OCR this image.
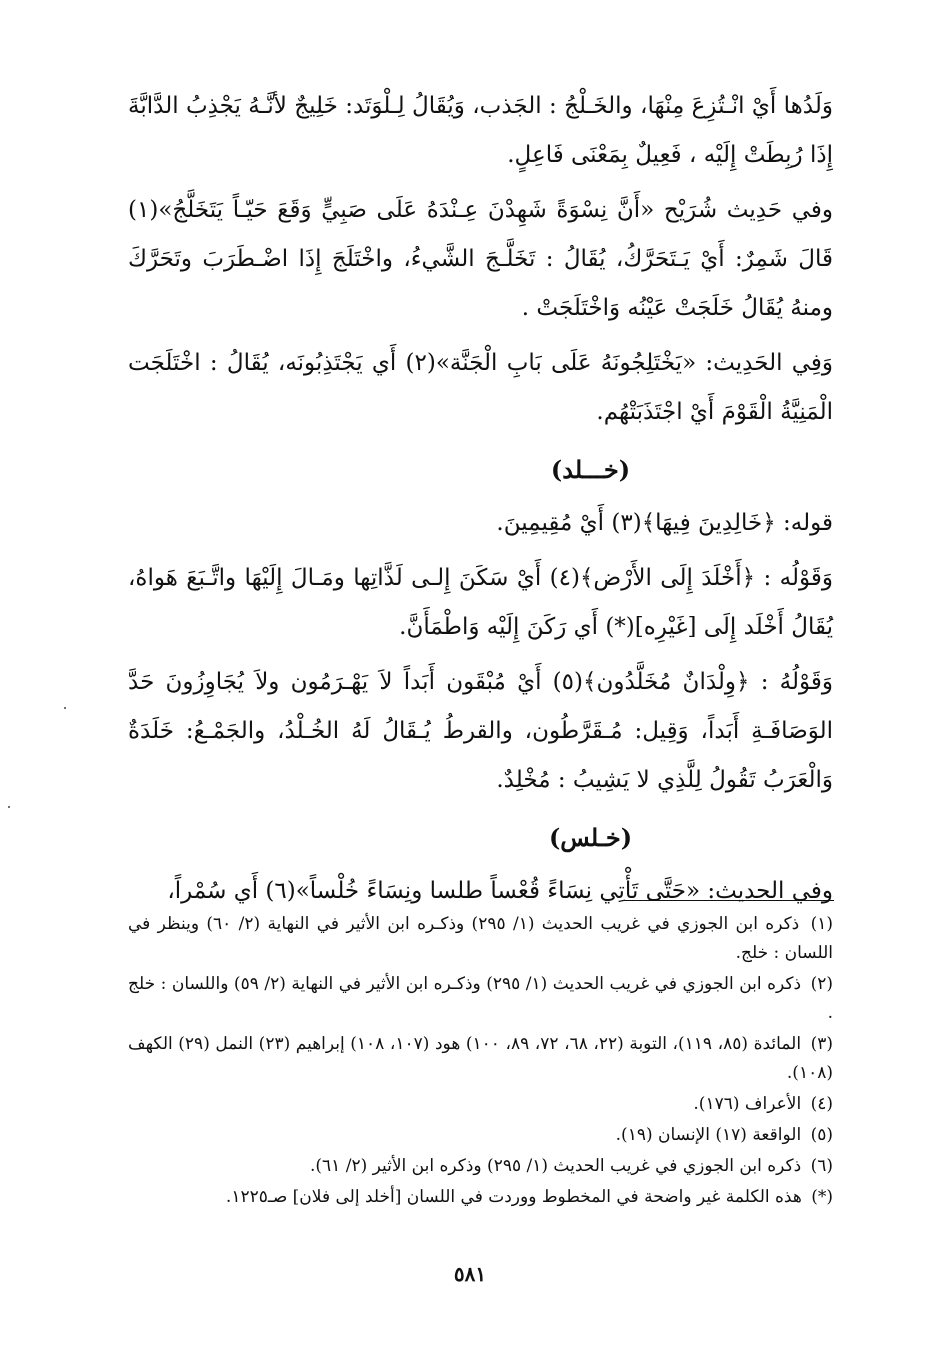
وَلَدُها أَيْ انْـتُزِعَ مِنْهَا، والخَـلْجُ : الجَذب، وَيُقَالُ لِـلْوَتَد: خَلِيجٌ لأنَّـهُ يَجْذِبُ الدَّابَّةَ إِذَا رُبِطَتْ إِلَيْه ، فَعِيلٌ بِمَعْنَى فَاعِلٍ.

وفي حَدِيث شُرَيْح «أَنَّ نِسْوَةً شَهِدْنَ عِـنْدَهُ عَلَى صَبِيٍّ وَقَعَ حَيّـاً يَتَخَلَّجُ»(١) قَالَ شَمِرٌ: أَيْ يَـتَحَرَّكُ، يُقَالُ : تَخَلَّـجَ الشَّيءُ، واخْتَلَجَ إِذَا اضْـطَرَبَ وتَحَرَّكَ ومنهُ يُقَالُ خَلَجَتْ عَيْنُه وَاخْتَلَجَتْ .

وَفِي الحَدِيث: «يَخْتَلِجُونَهُ عَلَى بَابِ الْجَنَّة»(٢) أَي يَجْتَذِبُونَه، يُقَالُ : اخْتَلَجَت الْمَنِيَّةُ الْقَوْمَ أَيْ اجْتَذَبَتْهُم.

(خـــلد)

قوله: ﴿خَالِدِينَ فِيهَا﴾(٣) أَيْ مُقِيمِينَ.

وَقَوْلُه : ﴿أَخْلَدَ إِلَى الأَرْض﴾(٤) أَيْ سَكَنَ إِلـى لَذَّاتِها ومَـالَ إِلَيْهَا واتَّـبَعَ هَواهُ، يُقَالُ أَخْلَد إِلَى [غَيْرِه](*) أَي رَكَنَ إِلَيْه وَاطْمَأَنَّ.

وَقَوْلُهُ : ﴿وِلْدَانٌ مُخَلَّدُون﴾(٥) أَيْ مُبْقَون أَبَداً لاَ يَهْـرَمُون ولاَ يُجَاوِزُونَ حَدَّ الوَصَافَـةِ أَبَداً، وَقِيل: مُـقَرَّطُون، والقرطُ يُـقَالُ لَهُ الخُـلْدُ، والجَمْـعُ: خَلَدَةٌ وَالْعَرَبُ تَقُولُ لِلَّذِي لا يَشِيبُ : مُخْلِدٌ.

(خـلس)

وفي الحديث: «حَتَّى تَأْتِي نِسَاءً قُعْساً طلسا ونِسَاءً خُلْساً»(٦) أَي سُمْراً،

(١) ذكره ابن الجوزي في غريب الحديث (١/ ٢٩٥) وذكـره ابن الأثير في النهاية (٢/ ٦٠) وينظر في اللسان : خلج.

(٢) ذكره ابن الجوزي في غريب الحديث (١/ ٢٩٥) وذكـره ابن الأثير في النهاية (٢/ ٥٩) واللسان : خلج .

(٣) المائدة (٨٥، ١١٩)، التوبة (٢٢، ٦٨، ٧٢، ٨٩، ١٠٠) هود (١٠٧، ١٠٨) إبراهيم (٢٣) النمل (٢٩) الكهف (١٠٨).

(٤) الأعراف (١٧٦).

(٥) الواقعة (١٧) الإنسان (١٩).

(٦) ذكره ابن الجوزي في غريب الحديث (١/ ٢٩٥) وذكره ابن الأثير (٢/ ٦١).

(*) هذه الكلمة غير واضحة في المخطوط ووردت في اللسان [أخلد إلى فلان] صـ١٢٢٥.

٥٨١
